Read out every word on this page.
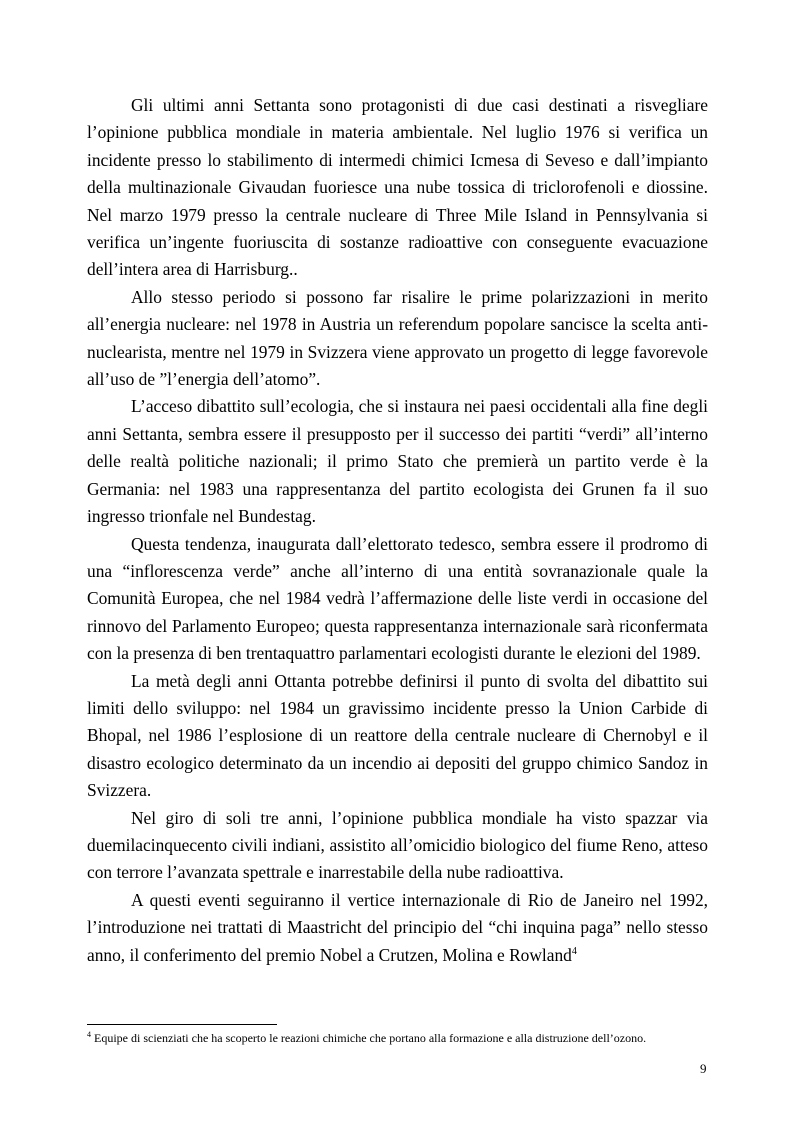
Gli ultimi anni Settanta sono protagonisti di due casi destinati a risvegliare l’opinione pubblica mondiale in materia ambientale. Nel luglio 1976 si verifica un incidente presso lo stabilimento di intermedi chimici Icmesa di Seveso e dall’impianto della multinazionale Givaudan fuoriesce una nube tossica di triclorofenoli e diossine. Nel marzo 1979 presso la centrale nucleare di Three Mile Island in Pennsylvania si verifica un’ingente fuoriuscita di sostanze radioattive con conseguente evacuazione dell’intera area di Harrisburg..

Allo stesso periodo si possono far risalire le prime polarizzazioni in merito all’energia nucleare: nel 1978 in Austria un referendum popolare sancisce la scelta anti-nuclearista, mentre nel 1979 in Svizzera viene approvato un progetto di legge favorevole all’uso de ”l’energia dell’atomo”.

L’acceso dibattito sull’ecologia, che si instaura nei paesi occidentali alla fine degli anni Settanta, sembra essere il presupposto per il successo dei partiti “verdi” all’interno delle realtà politiche nazionali; il primo Stato che premierà un partito verde è la Germania: nel 1983 una rappresentanza del partito ecologista dei Grunen fa il suo ingresso trionfale nel Bundestag.

Questa tendenza, inaugurata dall’elettorato tedesco, sembra essere il prodromo di una “inflorescenza verde” anche all’interno di una entità sovranazionale quale la Comunità Europea, che nel 1984 vedrà l’affermazione delle liste verdi in occasione del rinnovo del Parlamento Europeo; questa rappresentanza internazionale sarà riconfermata con la presenza di ben trentaquattro parlamentari ecologisti durante le elezioni del 1989.

La metà degli anni Ottanta potrebbe definirsi il punto di svolta del dibattito sui limiti dello sviluppo: nel 1984 un gravissimo incidente presso la Union Carbide di Bhopal, nel 1986 l’esplosione di un reattore della centrale nucleare di Chernobyl e il disastro ecologico determinato da un incendio ai depositi del gruppo chimico Sandoz in Svizzera.

Nel giro di soli tre anni, l’opinione pubblica mondiale ha visto spazzar via duemilacinquecento civili indiani, assistito all’omicidio biologico del fiume Reno, atteso con terrore l’avanzata spettrale e inarrestabile della nube radioattiva.

A questi eventi seguiranno il vertice internazionale di Rio de Janeiro nel 1992, l’introduzione nei trattati di Maastricht del principio del “chi inquina paga” nello stesso anno, il conferimento del premio Nobel a Crutzen, Molina e Rowland$^4$

$^4$ Equipe di scienziati che ha scoperto le reazioni chimiche che portano alla formazione e alla distruzione dell’ozono.
9
